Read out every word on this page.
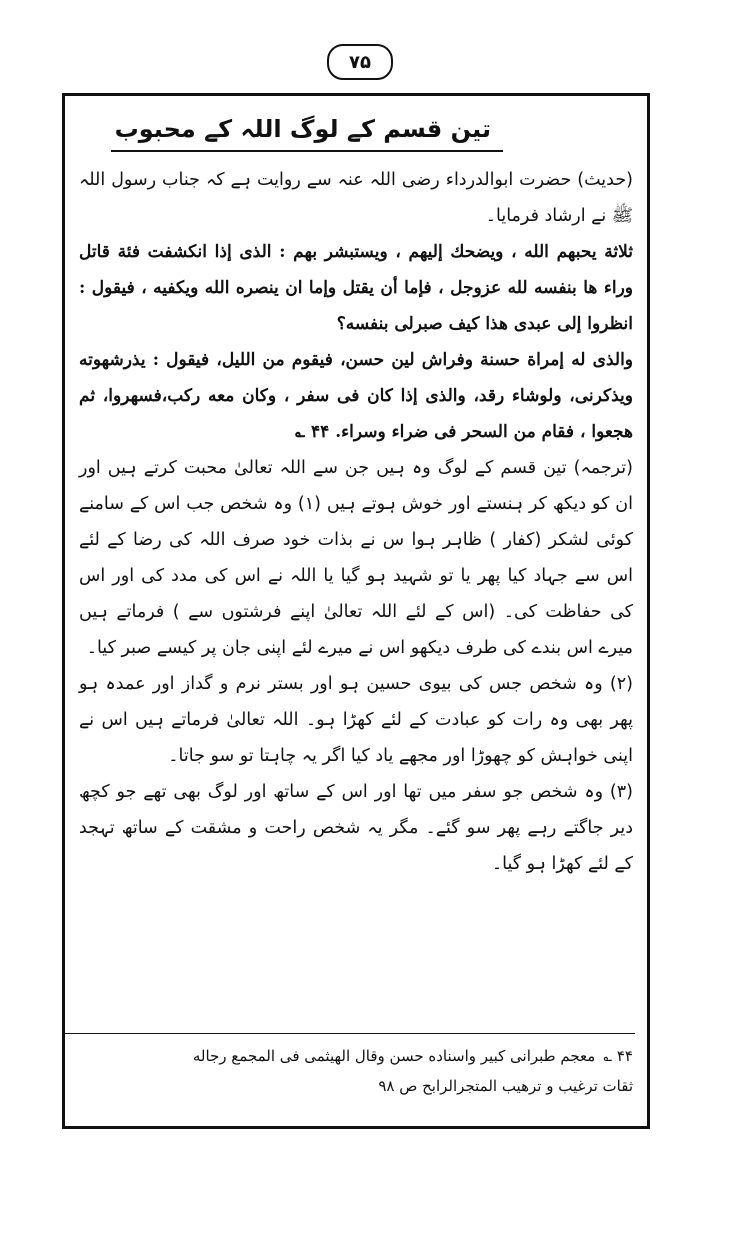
۷۵
تین قسم کے لوگ اللہ کے محبوب

(حدیث) حضرت ابوالدرداء رضی اللہ عنہ سے روایت ہے کہ جناب رسول اللہ ﷺ نے ارشاد فرمایا۔

ثلاثة يحبهم الله ، ويضحك إليهم ، ويستبشر بهم : الذى إذا انكشفت فئة قاتل وراء ها بنفسه لله عزوجل ، فإما أن يقتل وإما ان ينصره الله ويكفيه ، فيقول : انظروا إلى عبدى هذا كيف صبرلى بنفسه؟

والذى له إمراة حسنة وفراش لين حسن، فيقوم من الليل، فيقول : يذرشهوته ويذكرنى، ولوشاء رقد، والذى إذا كان فى سفر ، وكان معه ركب،فسهروا، ثم هجعوا ، فقام من السحر فى ضراء وسراء. ۴۴ ؎

(ترجمہ) تین قسم کے لوگ وہ ہیں جن سے اللہ تعالیٰ محبت کرتے ہیں اور ان کو دیکھ کر ہنستے اور خوش ہوتے ہیں (۱) وہ شخص جب اس کے سامنے کوئی لشکر (کفار ) ظاہر ہوا س نے بذات خود صرف اللہ کی رضا کے لئے اس سے جہاد کیا پھر یا تو شہید ہو گیا یا اللہ نے اس کی مدد کی اور اس کی حفاظت کی۔ (اس کے لئے اللہ تعالیٰ اپنے فرشتوں سے ) فرماتے ہیں میرے اس بندے کی طرف دیکھو اس نے میرے لئے اپنی جان پر کیسے صبر کیا۔

(۲) وہ شخص جس کی بیوی حسین ہو اور بستر نرم و گداز اور عمدہ ہو پھر بھی وہ رات کو عبادت کے لئے کھڑا ہو۔ اللہ تعالیٰ فرماتے ہیں اس نے اپنی خواہش کو چھوڑا اور مجھے یاد کیا اگر یہ چاہتا تو سو جاتا۔

(۳) وہ شخص جو سفر میں تھا اور اس کے ساتھ اور لوگ بھی تھے جو کچھ دیر جاگتے رہے پھر سو گئے۔ مگر یہ شخص راحت و مشقت کے ساتھ تہجد کے لئے کھڑا ہو گیا۔

۴۴ ؎معجم طبرانی کبیر واسناده حسن وقال الهیثمی فی المجمع رجاله

ثقات ترغیب و ترهیب المتجرالرابح ص ۹۸
